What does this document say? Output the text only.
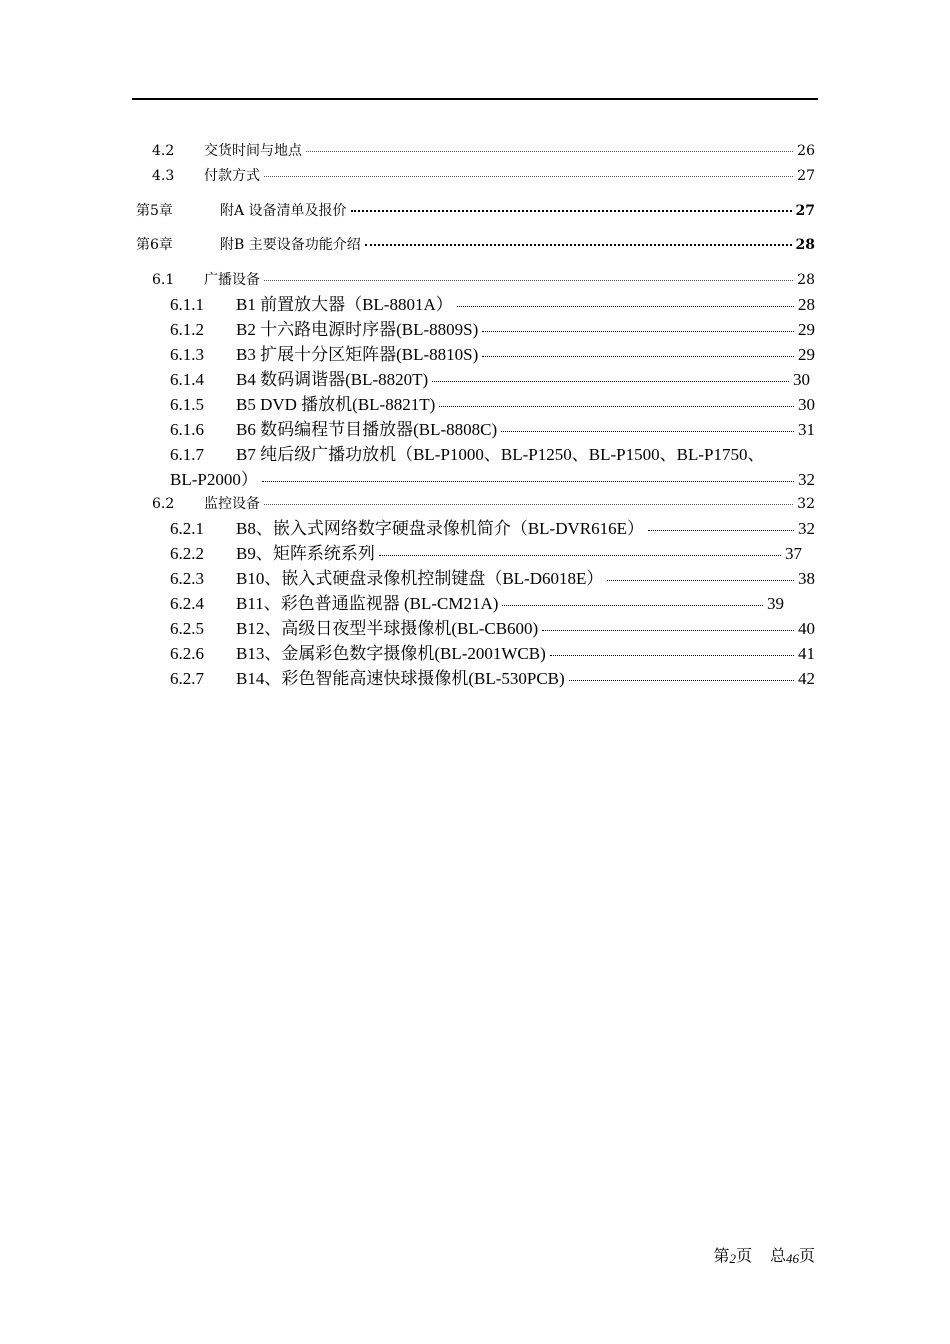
4.2	交货时间与地点	26
4.3	付款方式	27
第5章	附A 设备清单及报价	27
第6章	附B 主要设备功能介绍	28
6.1	广播设备	28
6.1.1	B1 前置放大器（BL-8801A）	28
6.1.2	B2 十六路电源时序器(BL-8809S)	29
6.1.3	B3 扩展十分区矩阵器(BL-8810S)	29
6.1.4	B4 数码调谐器(BL-8820T)	30
6.1.5	B5 DVD 播放机(BL-8821T)	30
6.1.6	B6 数码编程节目播放器(BL-8808C)	31
6.1.7 B7 纯后级广播功放机（BL-P1000、BL-P1250、BL-P1500、BL-P1750、
BL-P2000）	32
6.2	监控设备	32
6.2.1	B8、嵌入式网络数字硬盘录像机简介（BL-DVR616E）	32
6.2.2	B9、矩阵系统系列	37
6.2.3	B10、嵌入式硬盘录像机控制键盘（BL-D6018E）	38
6.2.4	B11、彩色普通监视器 (BL-CM21A)	39
6.2.5	B12、高级日夜型半球摄像机(BL-CB600)	40
6.2.6	B13、金属彩色数字摄像机(BL-2001WCB)	41
6.2.7	B14、彩色智能高速快球摄像机(BL-530PCB)	42
第2页 总46页
